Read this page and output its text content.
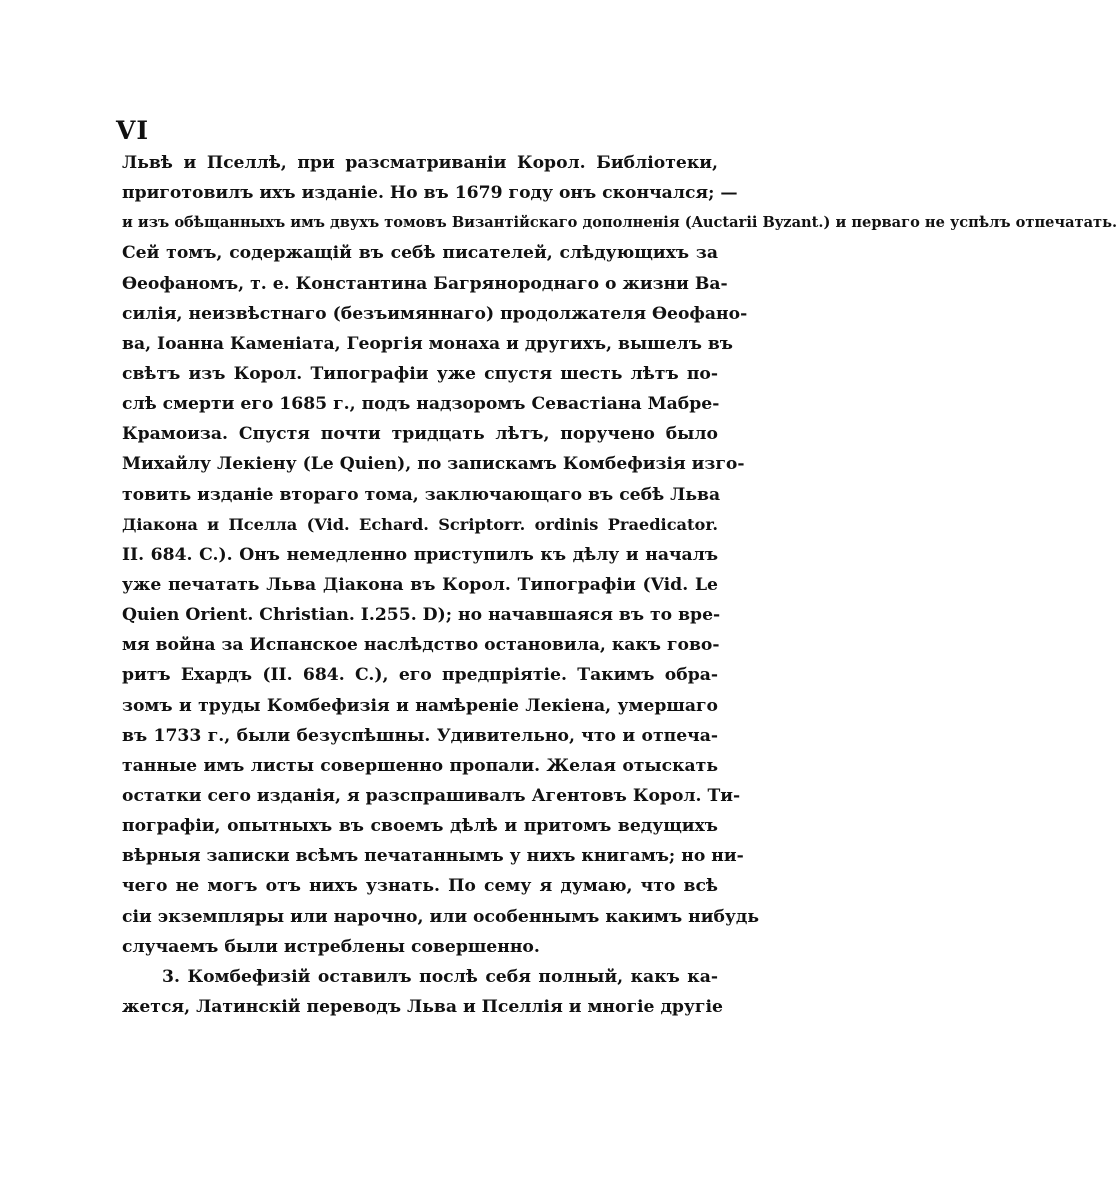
VI
Львѣ и Пселлѣ, при разсматриваніи Корол. Библіотеки,
приготовилъ ихъ изданіе. Но въ 1679 году онъ скончался; —
и изъ обѣщанныхъ имъ двухъ томовъ Византійскаго дополненія (Auctarii Byzant.) и перваго не успѣлъ отпечатать.
Сей томъ, содержащій въ себѣ писателей, слѣдующихъ за
Ѳеофаномъ, т. е. Константина Багрянороднаго о жизни Ва-
силія, неизвѣстнаго (безъимяннаго) продолжателя Ѳеофано-
ва, Іоанна Каменіата, Георгія монаха и другихъ, вышелъ въ
свѣтъ изъ Корол. Типографіи уже спустя шесть лѣтъ по-
слѣ смерти его 1685 г., подъ надзоромъ Севастіана Мабре-
Крамоиза. Спустя почти тридцать лѣтъ, поручено было
Михайлу Лекіену (Le Quien), по запискамъ Комбефизія изго-
товить изданіе втораго тома, заключающаго въ себѣ Льва
Діакона и Пселла (Vid. Echard. Scriptorr. ordinis Praedicator.
II. 684. C.). Онъ немедленно приступилъ къ дѣлу и началъ
уже печатать Льва Діакона въ Корол. Типографіи (Vid. Le
Quien Orient. Christian. I.255. D); но начавшаяся въ то вре-
мя война за Испанское наслѣдство остановила, какъ гово-
ритъ Ехардъ (II. 684. C.), его предпріятіе. Такимъ обра-
зомъ и труды Комбефизія и намѣреніе Лекіена, умершаго
въ 1733 г., были безуспѣшны. Удивительно, что и отпеча-
танные имъ листы совершенно пропали. Желая отыскать
остатки сего изданія, я разспрашивалъ Агентовъ Корол. Ти-
пографіи, опытныхъ въ своемъ дѣлѣ и притомъ ведущихъ
вѣрныя записки всѣмъ печатаннымъ у нихъ книгамъ; но ни-
чего не могъ отъ нихъ узнать. По сему я думаю, что всѣ
сіи экземпляры или нарочно, или особеннымъ какимъ нибудь
случаемъ были истреблены совершенно.
3. Комбефизій оставилъ послѣ себя полный, какъ ка-
жется, Латинскій переводъ Льва и Пселлія и многіе другіе
